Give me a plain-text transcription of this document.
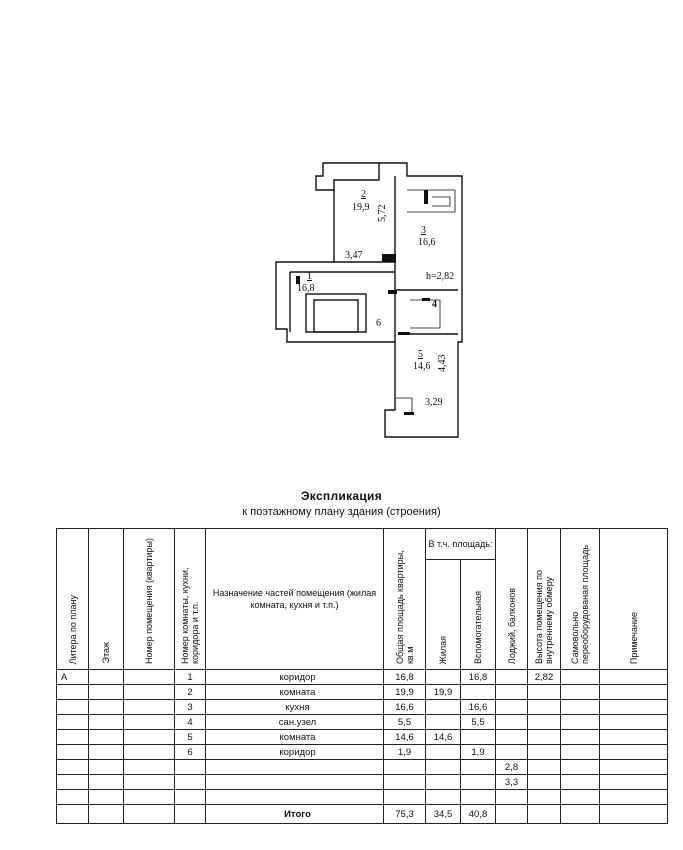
2
19,9 5,72
3
16,6
3,47
1
16,8
h=2,82
4
6
5
14,6 4,43
3,29
Экспликация
к поэтажному плану здания (строения)
Литера по плану	Этаж	Номер помещения (квартиры)	Номер комнаты, кухни, коридора и т.п.	Назначение частей помещения (жилая комната, кухня и т.п.)	Общая площадь квартиры, кв.м	В т.ч. площадь:		Лоджий, балконов	Высота помещения по внутреннему обмеру	Самовольно переоборудованая площадь	Примечание
						Жилая	Вспомогательная				
А			1	коридор	16,8		16,8		2,82		
			2	комната	19,9	19,9					
			3	кухня	16,6		16,6				
			4	сан.узел	5,5		5,5				
			5	комната	14,6	14,6					
			6	коридор	1,9		1,9				
								2,8			
								3,3			

				Итого	75,3	34,5	40,8				
